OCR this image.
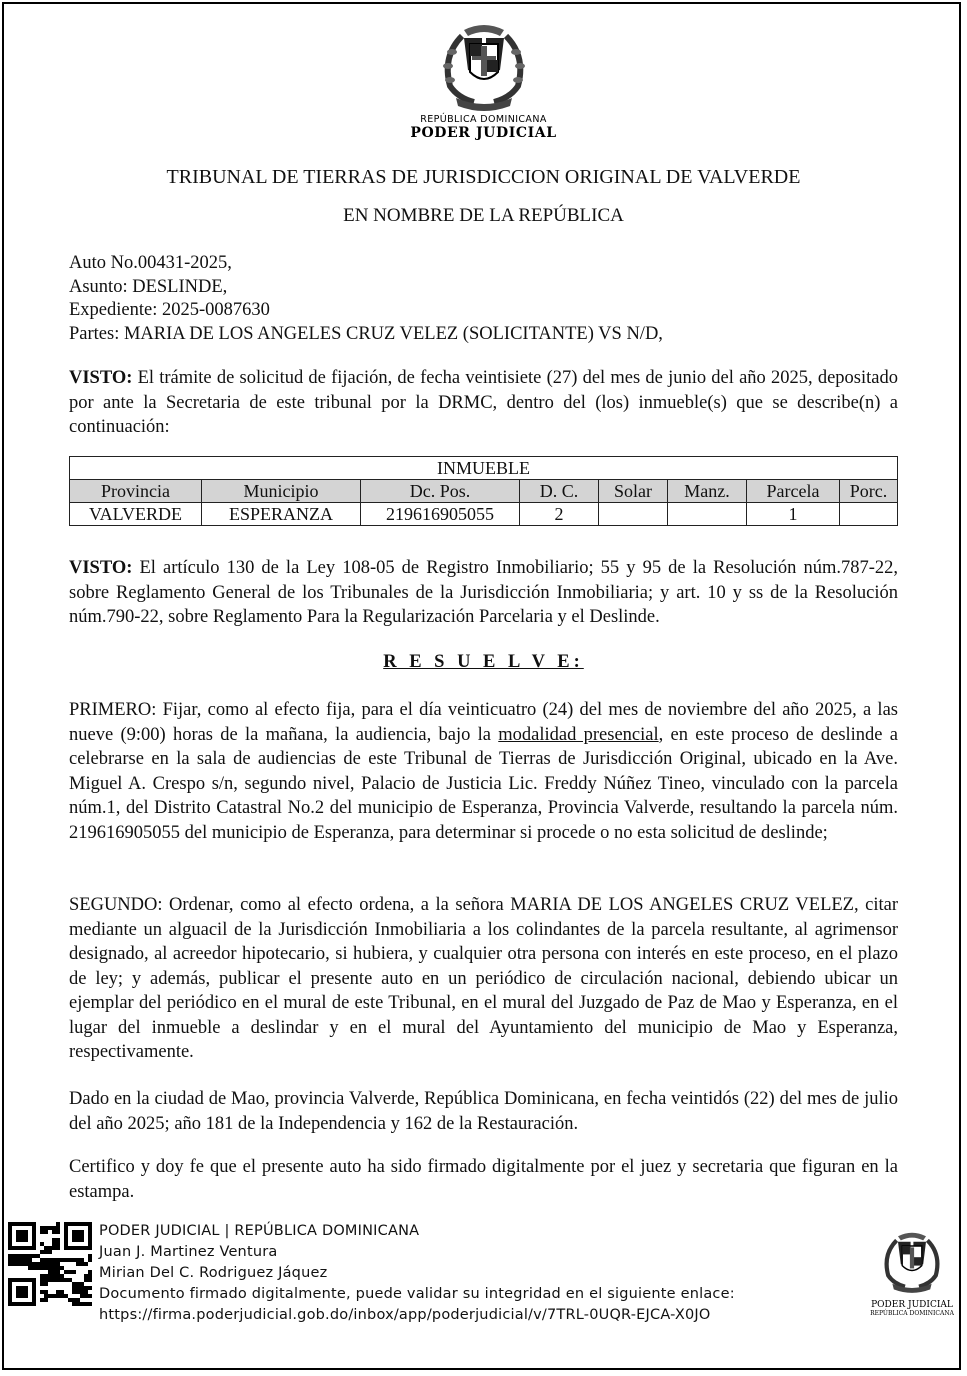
REPÚBLICA DOMINICANA
PODER JUDICIAL
TRIBUNAL DE TIERRAS DE JURISDICCION ORIGINAL DE VALVERDE
EN NOMBRE DE LA REPÚBLICA
Auto No.00431-2025,
Asunto: DESLINDE,
Expediente: 2025-0087630
Partes: MARIA DE LOS ANGELES CRUZ VELEZ (SOLICITANTE) VS N/D,
VISTO: El trámite de solicitud de fijación, de fecha veintisiete (27) del mes de junio del año 2025, depositado por ante la Secretaria de este tribunal por la DRMC, dentro del (los) inmueble(s) que se describe(n) a continuación:
INMUEBLE							
Provincia	Municipio	Dc. Pos.	D. C.	Solar	Manz.	Parcela	Porc.
VALVERDE	ESPERANZA	219616905055	2			1	
VISTO: El artículo 130 de la Ley 108-05 de Registro Inmobiliario; 55 y 95 de la Resolución núm.787-22, sobre Reglamento General de los Tribunales de la Jurisdicción Inmobiliaria; y art. 10 y ss de la Resolución núm.790-22, sobre Reglamento Para la Regularización Parcelaria y el Deslinde.
R E S U E L V E:
PRIMERO: Fijar, como al efecto fija, para el día veinticuatro (24) del mes de noviembre del año 2025, a las nueve (9:00) horas de la mañana, la audiencia, bajo la modalidad presencial, en este proceso de deslinde a celebrarse en la sala de audiencias de este Tribunal de Tierras de Jurisdicción Original, ubicado en la Ave. Miguel A. Crespo s/n, segundo nivel, Palacio de Justicia Lic. Freddy Núñez Tineo, vinculado con la parcela núm.1, del Distrito Catastral No.2 del municipio de Esperanza, Provincia Valverde, resultando la parcela núm. 219616905055 del municipio de Esperanza, para determinar si procede o no esta solicitud de deslinde;
SEGUNDO: Ordenar, como al efecto ordena, a la señora MARIA DE LOS ANGELES CRUZ VELEZ, citar mediante un alguacil de la Jurisdicción Inmobiliaria a los colindantes de la parcela resultante, al agrimensor designado, al acreedor hipotecario, si hubiera, y cualquier otra persona con interés en este proceso, en el plazo de ley; y además, publicar el presente auto en un periódico de circulación nacional, debiendo ubicar un ejemplar del periódico en el mural de este Tribunal, en el mural del Juzgado de Paz de Mao y Esperanza, en el lugar del inmueble a deslindar y en el mural del Ayuntamiento del municipio de Mao y Esperanza, respectivamente.
Dado en la ciudad de Mao, provincia Valverde, República Dominicana, en fecha veintidós (22) del mes de julio del año 2025; año 181 de la Independencia y 162 de la Restauración.
Certifico y doy fe que el presente auto ha sido firmado digitalmente por el juez y secretaria que figuran en la estampa.
PODER JUDICIAL | REPÚBLICA DOMINICANA
Juan J. Martinez Ventura
Mirian Del C. Rodriguez Jáquez
Documento firmado digitalmente, puede validar su integridad en el siguiente enlace:
https://firma.poderjudicial.gob.do/inbox/app/poderjudicial/v/7TRL-0UQR-EJCA-X0JO
PODER JUDICIAL
REPÚBLICA DOMINICANA
